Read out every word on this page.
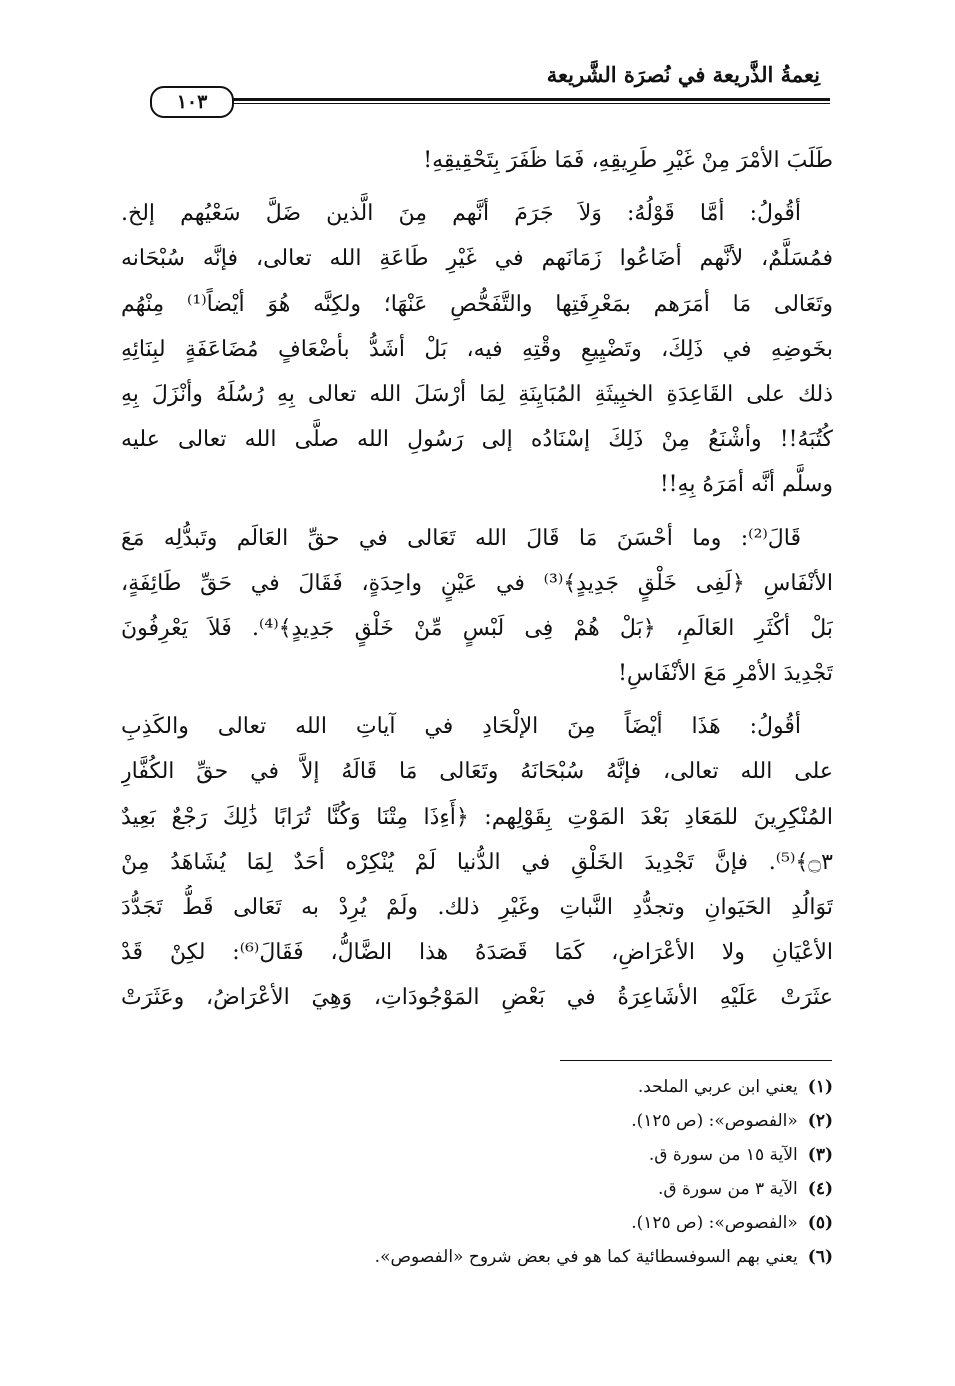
نِعمةُ الذَّريعة في نُصرَة الشَّريعة
١٠٣
طَلَبَ الأمْرَ مِنْ غَيْرِ طَرِيقِهِ، فَمَا ظَفَرَ بِتَحْقِيقِهِ!
أقُولُ: أمَّا قَوْلُهُ: وَلاَ جَرَمَ أنَّهم مِنَ الَّذين ضَلَّ سَعْيُهم إلخ.
فمُسَلَّمٌ، لأنَّهم أضَاعُوا زَمَانَهم في غَيْرِ طَاعَةِ الله تعالى، فإنَّه سُبْحَانه
وتَعَالى مَا أمَرَهم بمَعْرِفَتِها والتَّفَحُّصِ عَنْهَا؛ ولكِنَّه هُوَ أيْضاً⁽¹⁾ مِنْهُم
بخَوضِهِ في ذَلِكَ، وتَضْيِيعِ وقْتِهِ فيه، بَلْ أشَدُّ بأضْعَافٍ مُضَاعَفَةٍ لبِنَائِهِ
ذلك على القَاعِدَةِ الخبِيثَةِ المُبَايِنَةِ لِمَا أرْسَلَ الله تعالى بِهِ رُسُلَهُ وأنْزَلَ بِهِ
كُتُبَهُ!! وأشْنَعُ مِنْ ذَلِكَ إسْنَادُه إلى رَسُولِ الله صلَّى الله تعالى عليه
وسلَّم أنَّه أمَرَهُ بِهِ!!
قَالَ⁽²⁾: وما أحْسَنَ مَا قَالَ الله تَعَالى في حقِّ العَالَم وتَبدُّلِه مَعَ
الأنْفَاسِ ﴿لَفِى خَلْقٍ جَدِيدٍ﴾⁽³⁾ في عَيْنٍ واحِدَةٍ، فَقَالَ في حَقِّ طَائِفَةٍ،
بَلْ أكْثَرِ العَالَمِ، ﴿بَلْ هُمْ فِى لَبْسٍ مِّنْ خَلْقٍ جَدِيدٍ﴾⁽⁴⁾. فَلاَ يَعْرِفُونَ
تَجْدِيدَ الأمْرِ مَعَ الأنْفَاسِ!
أقُولُ: هَذَا أيْضَاً مِنَ الإلْحَادِ في آياتِ الله تعالى والكَذِبِ
على الله تعالى، فإنَّهُ سُبْحَانَهُ وتَعَالى مَا قَالَهُ إلاَّ في حقِّ الكُفَّارِ
المُنْكِرِينَ للمَعَادِ بَعْدَ المَوْتِ بِقَوْلِهم: ﴿أَءِذَا مِتْنَا وَكُنَّا تُرَابًا ذَٰلِكَ رَجْعٌ بَعِيدٌ
۝٣﴾⁽⁵⁾. فإنَّ تَجْدِيدَ الخَلْقِ في الدُّنيا لَمْ يُنْكِرْه أحَدٌ لِمَا يُشَاهَدُ مِنْ
تَوَالُدِ الحَيَوانِ وتجدُّدِ النَّباتِ وغَيْرِ ذلك. ولَمْ يُرِدْ به تَعَالى قَطُّ تَجَدُّدَ
الأعْيَانِ ولا الأعْرَاضِ، كَمَا قَصَدَهُ هذا الضَّالُّ، فَقَالَ⁽⁶⁾: لكِنْ قَدْ
عثَرَتْ عَلَيْهِ الأشَاعِرَةُ في بَعْضِ المَوْجُودَاتِ، وَهِيَ الأعْرَاضُ، وعَثَرَتْ
(١)يعني ابن عربي الملحد.
(٢)«الفصوص»: (ص ١٢٥).
(٣)الآية ١٥ من سورة ق.
(٤)الآية ٣ من سورة ق.
(٥)«الفصوص»: (ص ١٢٥).
(٦)يعني بهم السوفسطائية كما هو في بعض شروح «الفصوص».
